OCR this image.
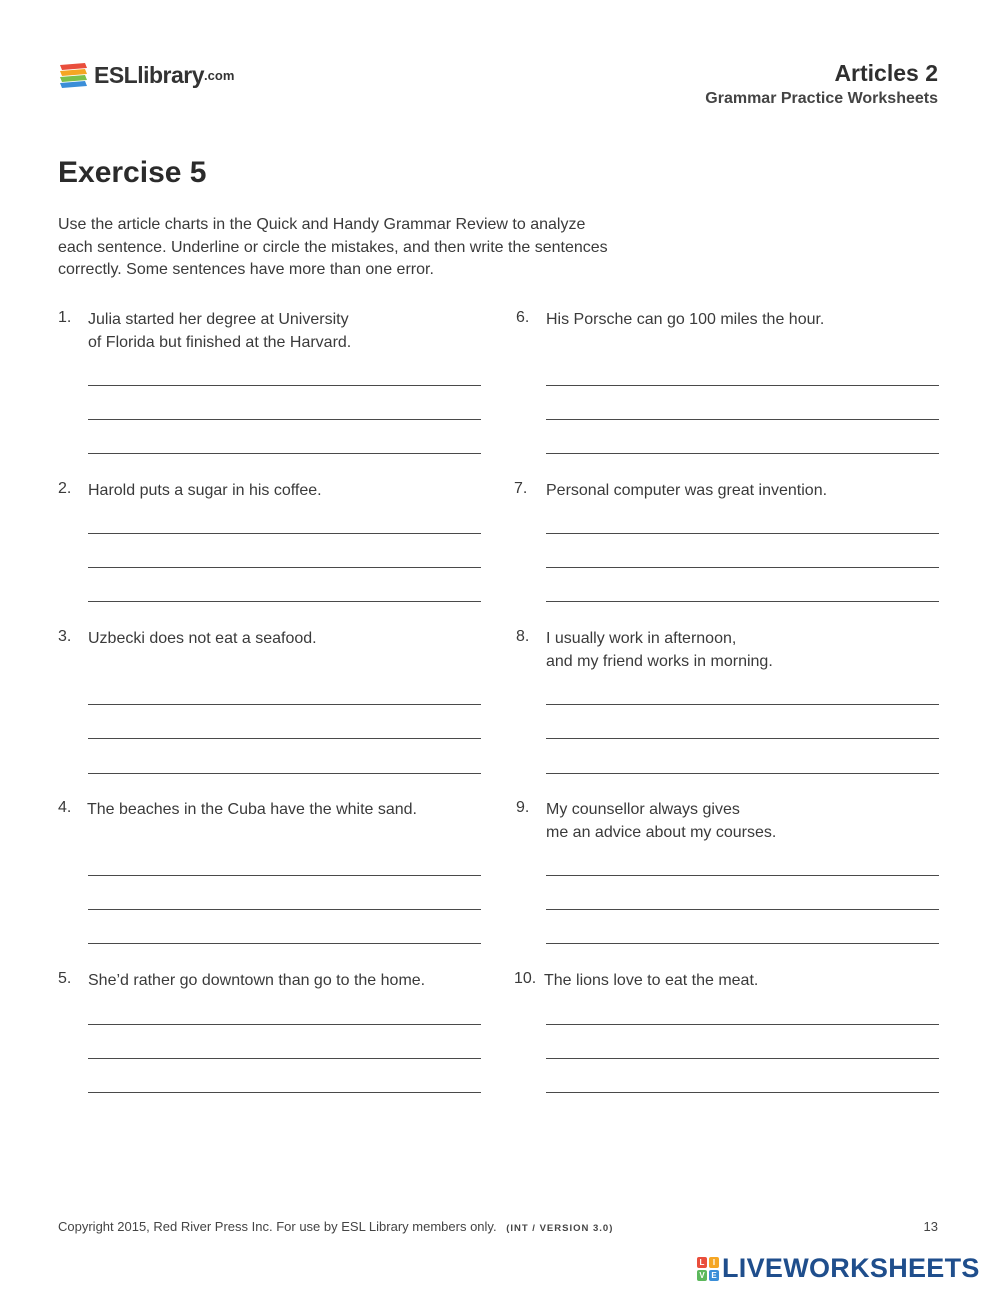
ESLlibrary .com	Articles 2
Grammar Practice Worksheets
Exercise 5

Use the article charts in the Quick and Handy Grammar Review to analyze each sentence. Underline or circle the mistakes, and then write the sentences correctly. Some sentences have more than one error.

1. Julia started her degree at University
of Florida but finished at the Harvard.
2. Harold puts a sugar in his coffee.
3. Uzbecki does not eat a seafood.
4. The beaches in the Cuba have the white sand.
5. She’d rather go downtown than go to the home.
6. His Porsche can go 100 miles the hour.
7. Personal computer was great invention.
8. I usually work in afternoon,
and my friend works in morning.
9. My counsellor always gives
me an advice about my courses.
10. The lions love to eat the meat.
Copyright 2015, Red River Press Inc. For use by ESL Library members only. (INT / VERSION 3.0)	13
L	I
V E LIVEWORKSHEETS
